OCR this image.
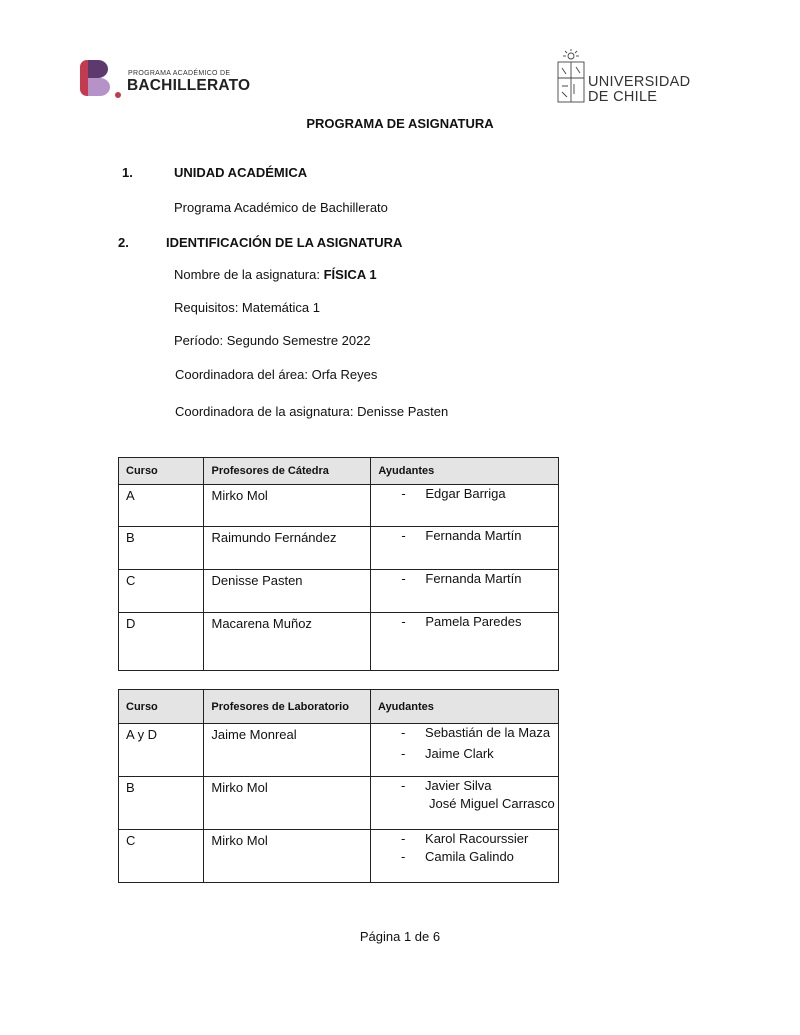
PROGRAMA ACADÉMICO DE
BACHILLERATO	UNIVERSIDAD
DE CHILE
PROGRAMA DE ASIGNATURA
1.	UNIDAD ACADÉMICA
Programa Académico de Bachillerato
2.	IDENTIFICACIÓN DE LA ASIGNATURA
Nombre de la asignatura: FÍSICA 1
Requisitos: Matemática 1
Período: Segundo Semestre 2022
Coordinadora del área: Orfa Reyes
Coordinadora de la asignatura: Denisse Pasten
Curso	Profesores de Cátedra	Ayudantes
A	Mirko Mol	- Edgar Barriga

B	Raimundo Fernández	- Fernanda Martín

C	Denisse Pasten	- Fernanda Martín

D	Macarena Muñoz	- Pamela Paredes
Curso	Profesores de Laboratorio	Ayudantes
A y D	Jaime Monreal	- Sebastián de la Maza
- Jaime Clark

B	Mirko Mol	- Javier Silva
José Miguel Carrasco

C	Mirko Mol	- Karol Racourssier
- Camila Galindo
Página 1 de 6
